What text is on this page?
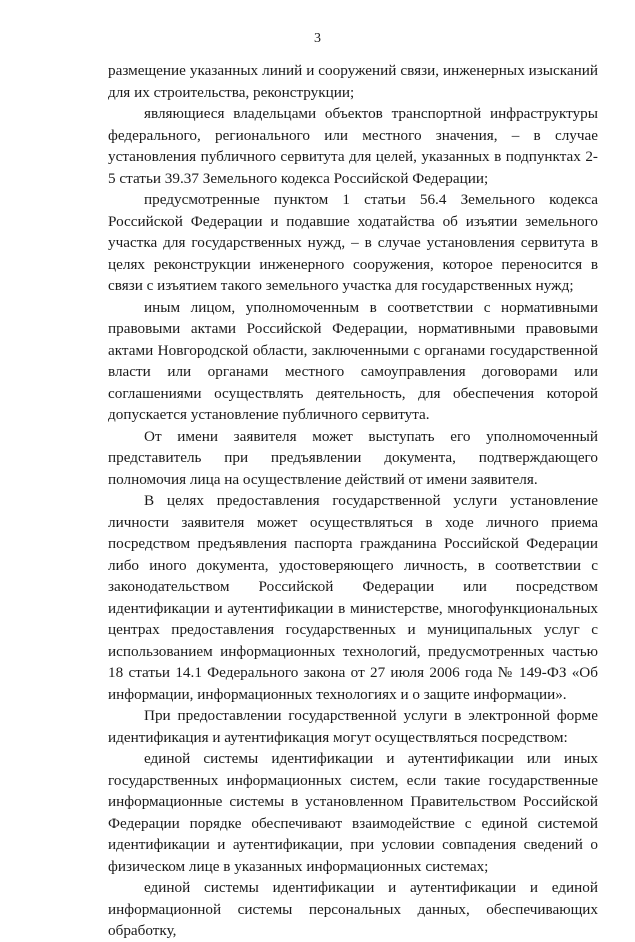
3

размещение указанных линий и сооружений связи, инженерных изысканий для их строительства, реконструкции;

являющиеся владельцами объектов транспортной инфраструктуры федерального, регионального или местного значения, – в случае установления публичного сервитута для целей, указанных в подпунктах 2-5 статьи 39.37 Земельного кодекса Российской Федерации;

предусмотренные пунктом 1 статьи 56.4 Земельного кодекса Российской Федерации и подавшие ходатайства об изъятии земельного участка для государственных нужд, – в случае установления сервитута в целях реконструкции инженерного сооружения, которое переносится в связи с изъятием такого земельного участка для государственных нужд;

иным лицом, уполномоченным в соответствии с нормативными правовыми актами Российской Федерации, нормативными правовыми актами Новгородской области, заключенными с органами государственной власти или органами местного самоуправления договорами или соглашениями осуществлять деятельность, для обеспечения которой допускается установление публичного сервитута.

От имени заявителя может выступать его уполномоченный представитель при предъявлении документа, подтверждающего полномочия лица на осуществление действий от имени заявителя.

В целях предоставления государственной услуги установление личности заявителя может осуществляться в ходе личного приема посредством предъявления паспорта гражданина Российской Федерации либо иного документа, удостоверяющего личность, в соответствии с законодательством Российской Федерации или посредством идентификации и аутентификации в министерстве, многофункциональных центрах предоставления государственных и муниципальных услуг с использованием информационных технологий, предусмотренных частью 18 статьи 14.1 Федерального закона от 27 июля 2006 года № 149-ФЗ «Об информации, информационных технологиях и о защите информации».

При предоставлении государственной услуги в электронной форме идентификация и аутентификация могут осуществляться посредством:

единой системы идентификации и аутентификации или иных государственных информационных систем, если такие государственные информационные системы в установленном Правительством Российской Федерации порядке обеспечивают взаимодействие с единой системой идентификации и аутентификации, при условии совпадения сведений о физическом лице в указанных информационных системах;

единой системы идентификации и аутентификации и единой информационной системы персональных данных, обеспечивающих обработку,
